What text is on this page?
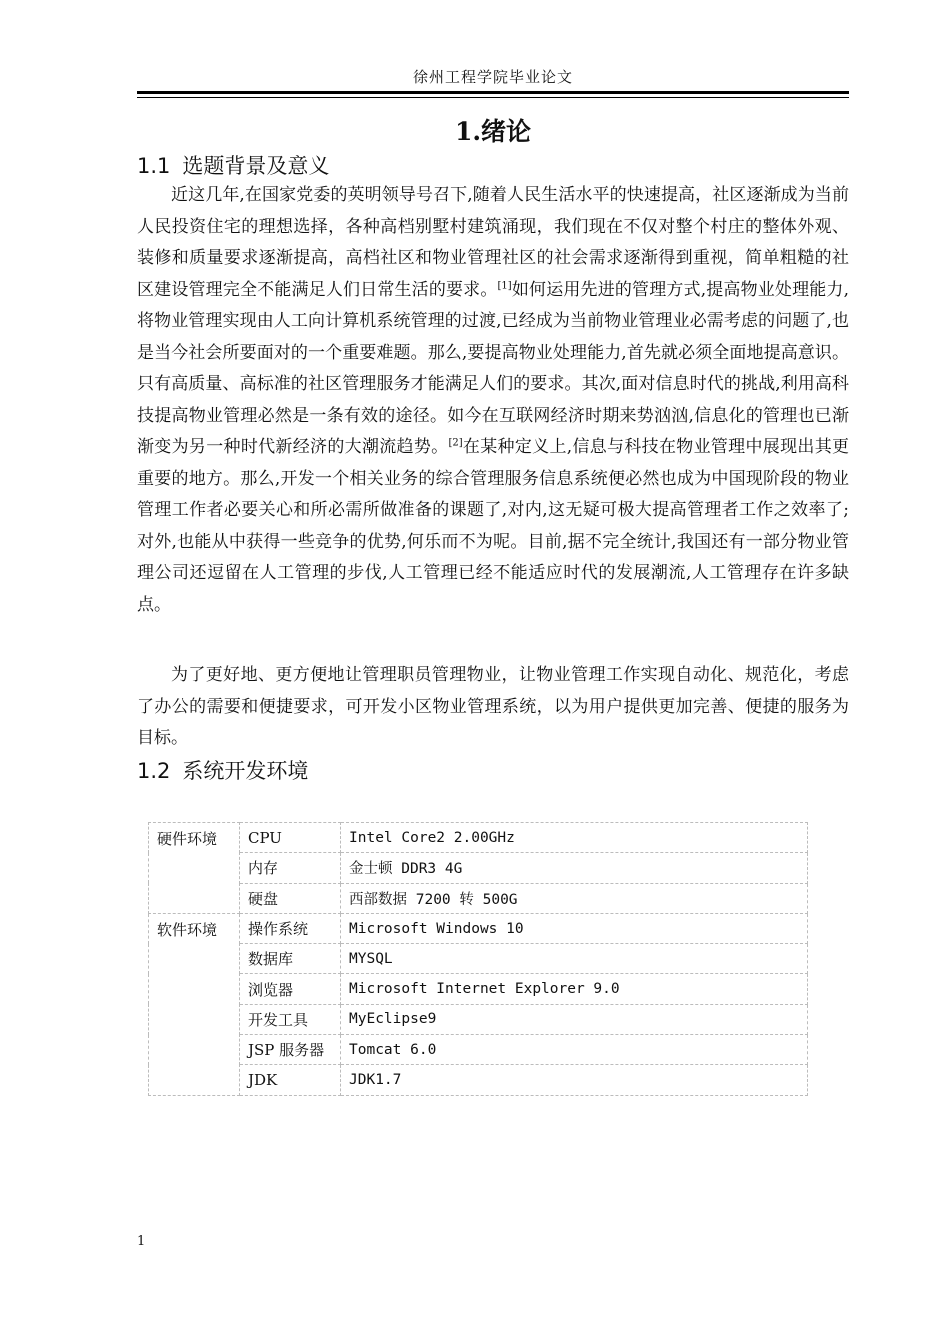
徐州工程学院毕业论文
1.绪论
1.1 选题背景及意义

近这几年,在国家党委的英明领导号召下,随着人民生活水平的快速提高，社区逐渐成为当前人民投资住宅的理想选择，各种高档别墅村建筑涌现，我们现在不仅对整个村庄的整体外观、装修和质量要求逐渐提高，高档社区和物业管理社区的社会需求逐渐得到重视，简单粗糙的社区建设管理完全不能满足人们日常生活的要求。[1]如何运用先进的管理方式,提高物业处理能力,将物业管理实现由人工向计算机系统管理的过渡,已经成为当前物业管理业必需考虑的问题了,也是当今社会所要面对的一个重要难题。那么,要提高物业处理能力,首先就必须全面地提高意识。只有高质量、高标准的社区管理服务才能满足人们的要求。其次,面对信息时代的挑战,利用高科技提高物业管理必然是一条有效的途径。如今在互联网经济时期来势汹汹,信息化的管理也已渐渐变为另一种时代新经济的大潮流趋势。[2]在某种定义上,信息与科技在物业管理中展现出其更重要的地方。那么,开发一个相关业务的综合管理服务信息系统便必然也成为中国现阶段的物业管理工作者必要关心和所必需所做准备的课题了,对内,这无疑可极大提高管理者工作之效率了;对外,也能从中获得一些竞争的优势,何乐而不为呢。目前,据不完全统计,我国还有一部分物业管理公司还逗留在人工管理的步伐,人工管理已经不能适应时代的发展潮流,人工管理存在许多缺点。

为了更好地、更方便地让管理职员管理物业，让物业管理工作实现自动化、规范化，考虑了办公的需要和便捷要求，可开发小区物业管理系统，以为用户提供更加完善、便捷的服务为目标。

1.2 系统开发环境
硬件环境	CPU	Intel Core2 2.00GHz
	内存	金士顿 DDR3 4G
	硬盘	西部数据 7200 转 500G
软件环境	操作系统	Microsoft Windows 10
	数据库	MYSQL
	浏览器	Microsoft Internet Explorer 9.0
	开发工具	MyEclipse9
	JSP 服务器	Tomcat 6.0
	JDK	JDK1.7
1
